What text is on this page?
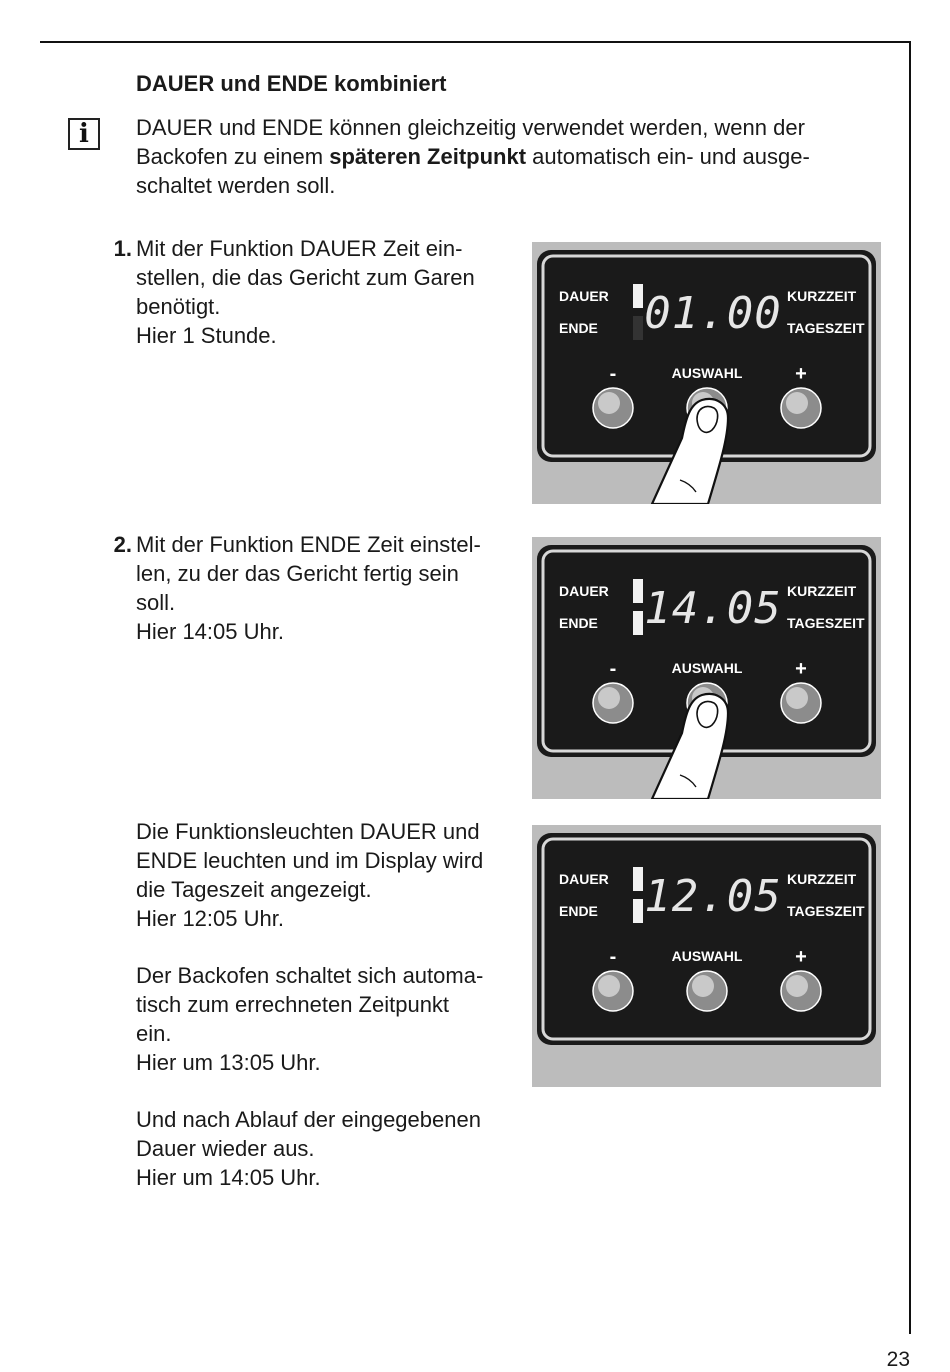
DAUER und ENDE kombiniert
i	DAUER und ENDE können gleichzeitig verwendet werden, wenn der
Backofen zu einem späteren Zeitpunkt automatisch ein- und ausge-
schaltet werden soll.
1. Mit der Funktion DAUER Zeit ein-
stellen, die das Gericht zum Garen
benötigt.
Hier 1 Stunde.
2. Mit der Funktion ENDE Zeit einstel-
len, zu der das Gericht fertig sein
soll.
Hier 14:05 Uhr.
Die Funktionsleuchten DAUER und
ENDE leuchten und im Display wird
die Tageszeit angezeigt.
Hier 12:05 Uhr.
Der Backofen schaltet sich automa-
tisch zum errechneten Zeitpunkt
ein.
Hier um 13:05 Uhr.
Und nach Ablauf der eingegebenen
Dauer wieder aus.
Hier um 14:05 Uhr.
DAUER
ENDE
KURZZEIT
TAGESZEIT
-	AUSWAHL	+
01.00
DAUER
ENDE
KURZZEIT
TAGESZEIT
-	AUSWAHL	+
14.05
DAUER
ENDE
KURZZEIT
TAGESZEIT
-	AUSWAHL	+
12.05
23
